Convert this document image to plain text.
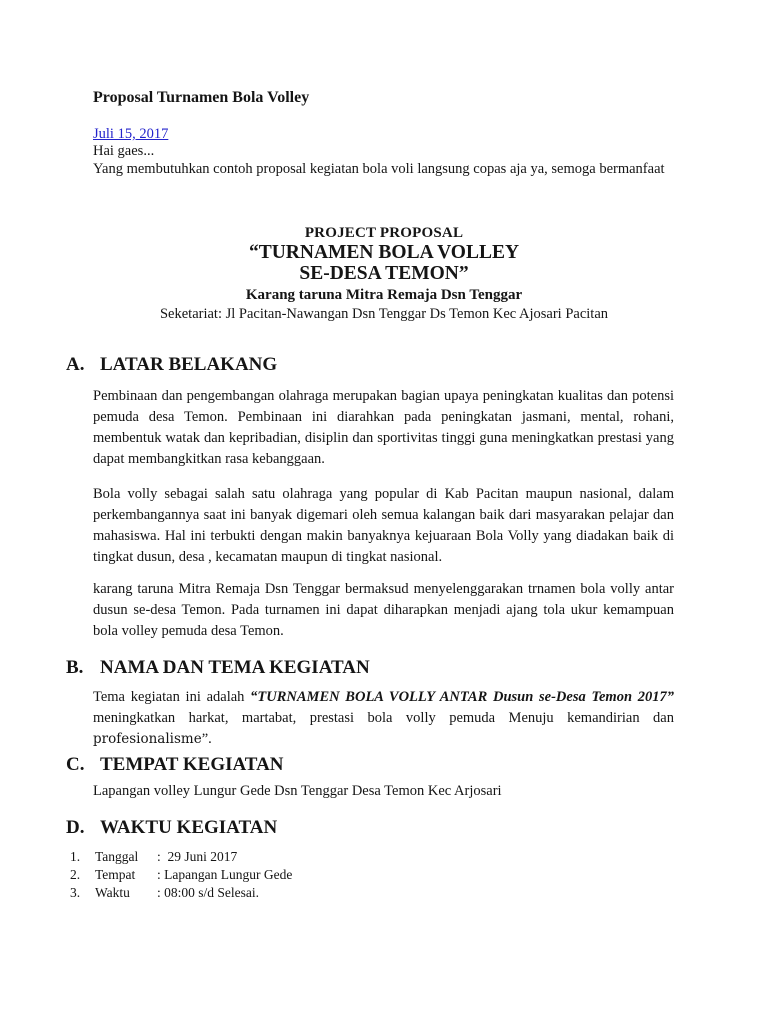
Proposal Turnamen Bola Volley
Juli 15, 2017
Hai gaes...
Yang membutuhkan contoh proposal kegiatan bola voli langsung copas aja ya, semoga bermanfaat
PROJECT PROPOSAL
“TURNAMEN BOLA VOLLEY
SE-DESA TEMON”
Karang taruna Mitra Remaja Dsn Tenggar
Seketariat: Jl Pacitan-Nawangan Dsn Tenggar Ds Temon Kec Ajosari Pacitan
A. LATAR BELAKANG

Pembinaan dan pengembangan olahraga merupakan bagian upaya peningkatan kualitas dan potensi pemuda desa Temon. Pembinaan ini diarahkan pada peningkatan jasmani, mental, rohani, membentuk watak dan kepribadian, disiplin dan sportivitas tinggi guna meningkatkan prestasi yang dapat membangkitkan rasa kebanggaan.

Bola volly sebagai salah satu olahraga yang popular di Kab Pacitan maupun nasional, dalam perkembangannya saat ini banyak digemari oleh semua kalangan baik dari masyarakan pelajar dan mahasiswa. Hal ini terbukti dengan makin banyaknya kejuaraan Bola Volly yang diadakan baik di tingkat dusun, desa , kecamatan maupun di tingkat nasional.

karang taruna Mitra Remaja Dsn Tenggar bermaksud menyelenggarakan trnamen bola volly antar dusun se-desa Temon. Pada turnamen ini dapat diharapkan menjadi ajang tola ukur kemampuan bola volley pemuda desa Temon.

B. NAMA DAN TEMA KEGIATAN

Tema kegiatan ini adalah “TURNAMEN BOLA VOLLY ANTAR Dusun se-Desa Temon 2017” meningkatkan harkat, martabat, prestasi bola volly pemuda Menuju kemandirian dan profesionalisme”.

C. TEMPAT KEGIATAN

Lapangan volley Lungur Gede Dsn Tenggar Desa Temon Kec Arjosari

D. WAKTU KEGIATAN
1.	Tanggal	:  29 Juni 2017
2.	Tempat	: Lapangan Lungur Gede
3.	Waktu	: 08:00 s/d Selesai.
